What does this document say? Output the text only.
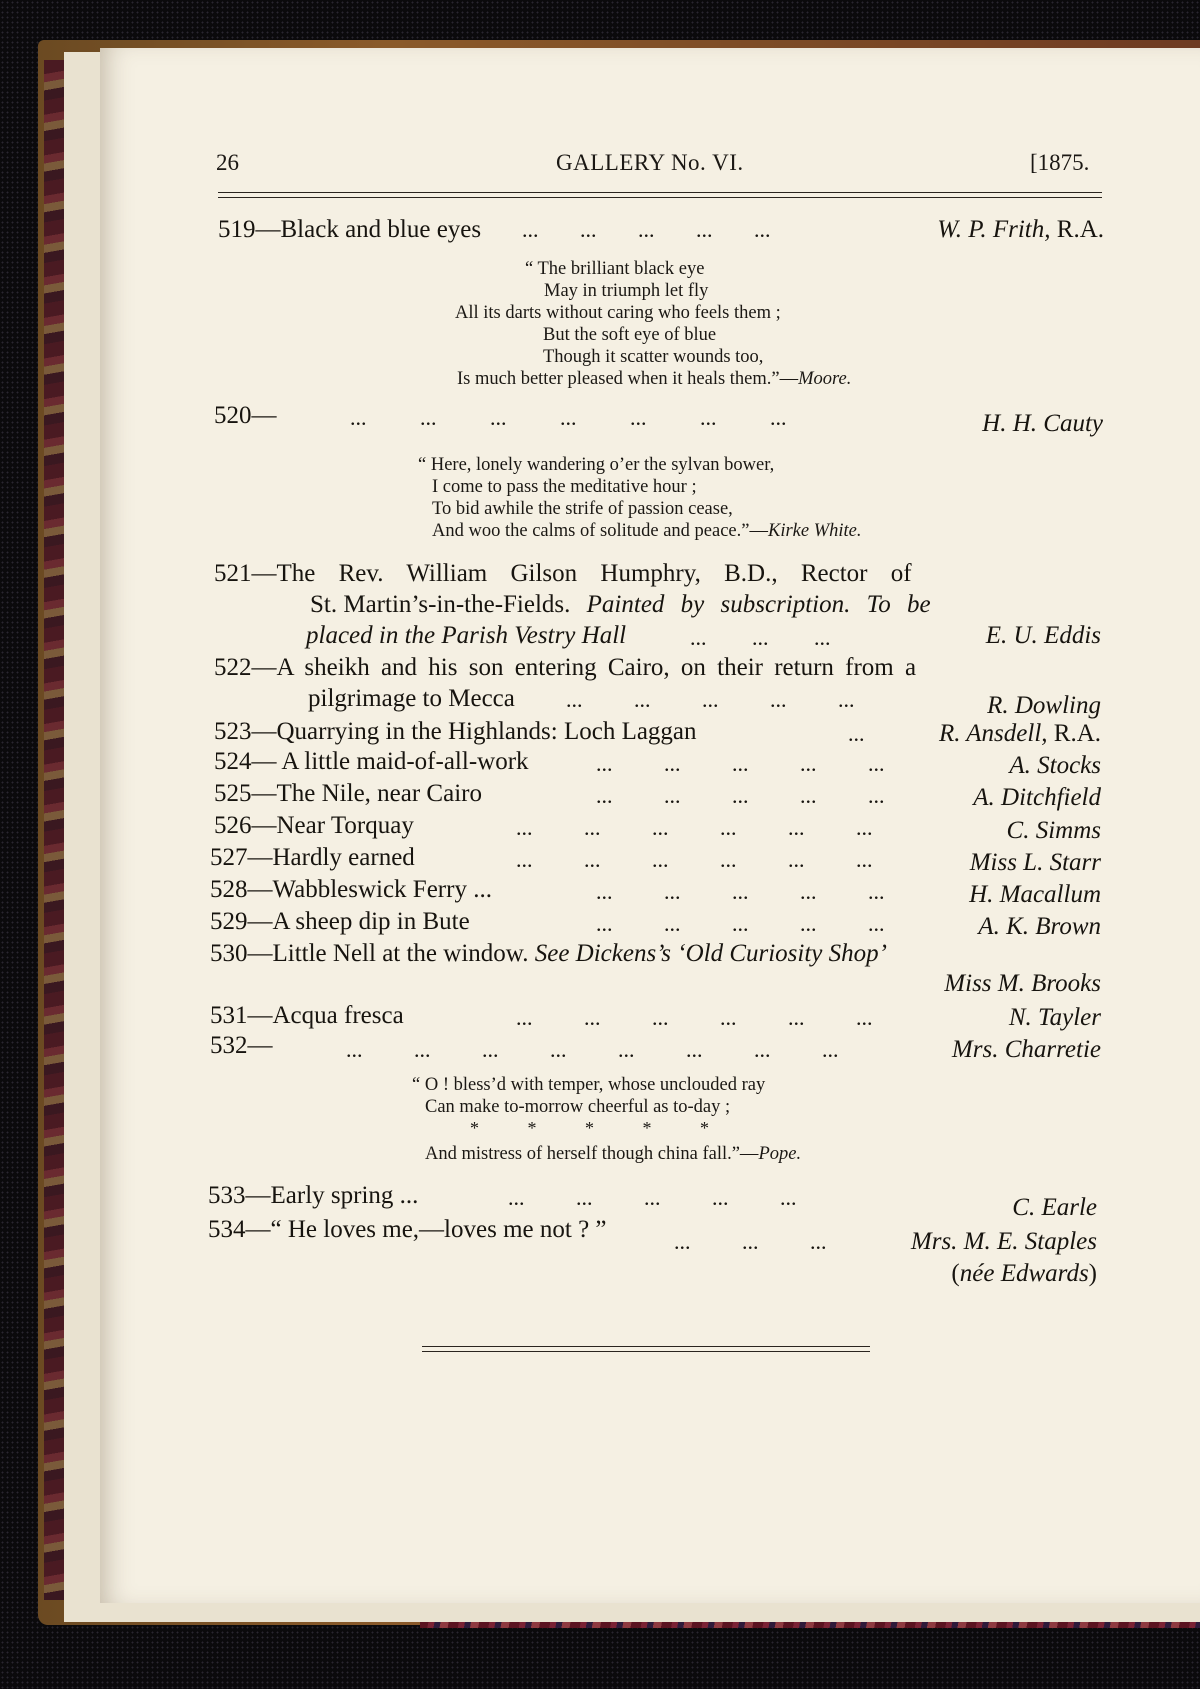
26	GALLERY No. VI.	[1875.
519—Black and blue eyes ... ... ... ... ...	W. P. Frith, R.A.
“ The brilliant black eye
May in triumph let fly
All its darts without caring who feels them ;
But the soft eye of blue
Though it scatter wounds too,
Is much better pleased when it heals them.”—Moore.
520—	... ... ... ... ... ... ...	H. H. Cauty
“ Here, lonely wandering o’er the sylvan bower,
I come to pass the meditative hour ;
To bid awhile the strife of passion cease,
And woo the calms of solitude and peace.”—Kirke White.
521—The Rev. William Gilson Humphry, B.D., Rector of
St. Martin’s-in-the-Fields. Painted by subscription. To be
placed in the Parish Vestry Hall	... ... ...	E. U. Eddis
522—A sheikh and his son entering Cairo, on their return from a
pilgrimage to Mecca ... ... ... ... ...	R. Dowling
523—Quarrying in the Highlands: Loch Laggan	...	R. Ansdell, R.A.
524— A little maid-of-all-work	... ... ... ... ...	A. Stocks
525—The Nile, near Cairo	... ... ... ... ...	A. Ditchfield
526—Near Torquay	... ... ... ... ... ...	C. Simms
527—Hardly earned	... ... ... ... ... ...	Miss L. Starr
528—Wabbleswick Ferry ...	... ... ... ... ...	H. Macallum
529—A sheep dip in Bute	... ... ... ... ...	A. K. Brown
530—Little Nell at the window. See Dickens’s ‘Old Curiosity Shop’
Miss M. Brooks
531—Acqua fresca	... ... ... ... ... ...	N. Tayler
532—	... ... ... ... ... ... ... ...	Mrs. Charretie
“ O ! bless’d with temper, whose unclouded ray
Can make to-morrow cheerful as to-day ;
* * * * *
And mistress of herself though china fall.”—Pope.
533—Early spring ...	... ... ... ... ...	C. Earle
534—“ He loves me,—loves me not ? ”	... ... ...	Mrs. M. E. Staples
(née Edwards)
